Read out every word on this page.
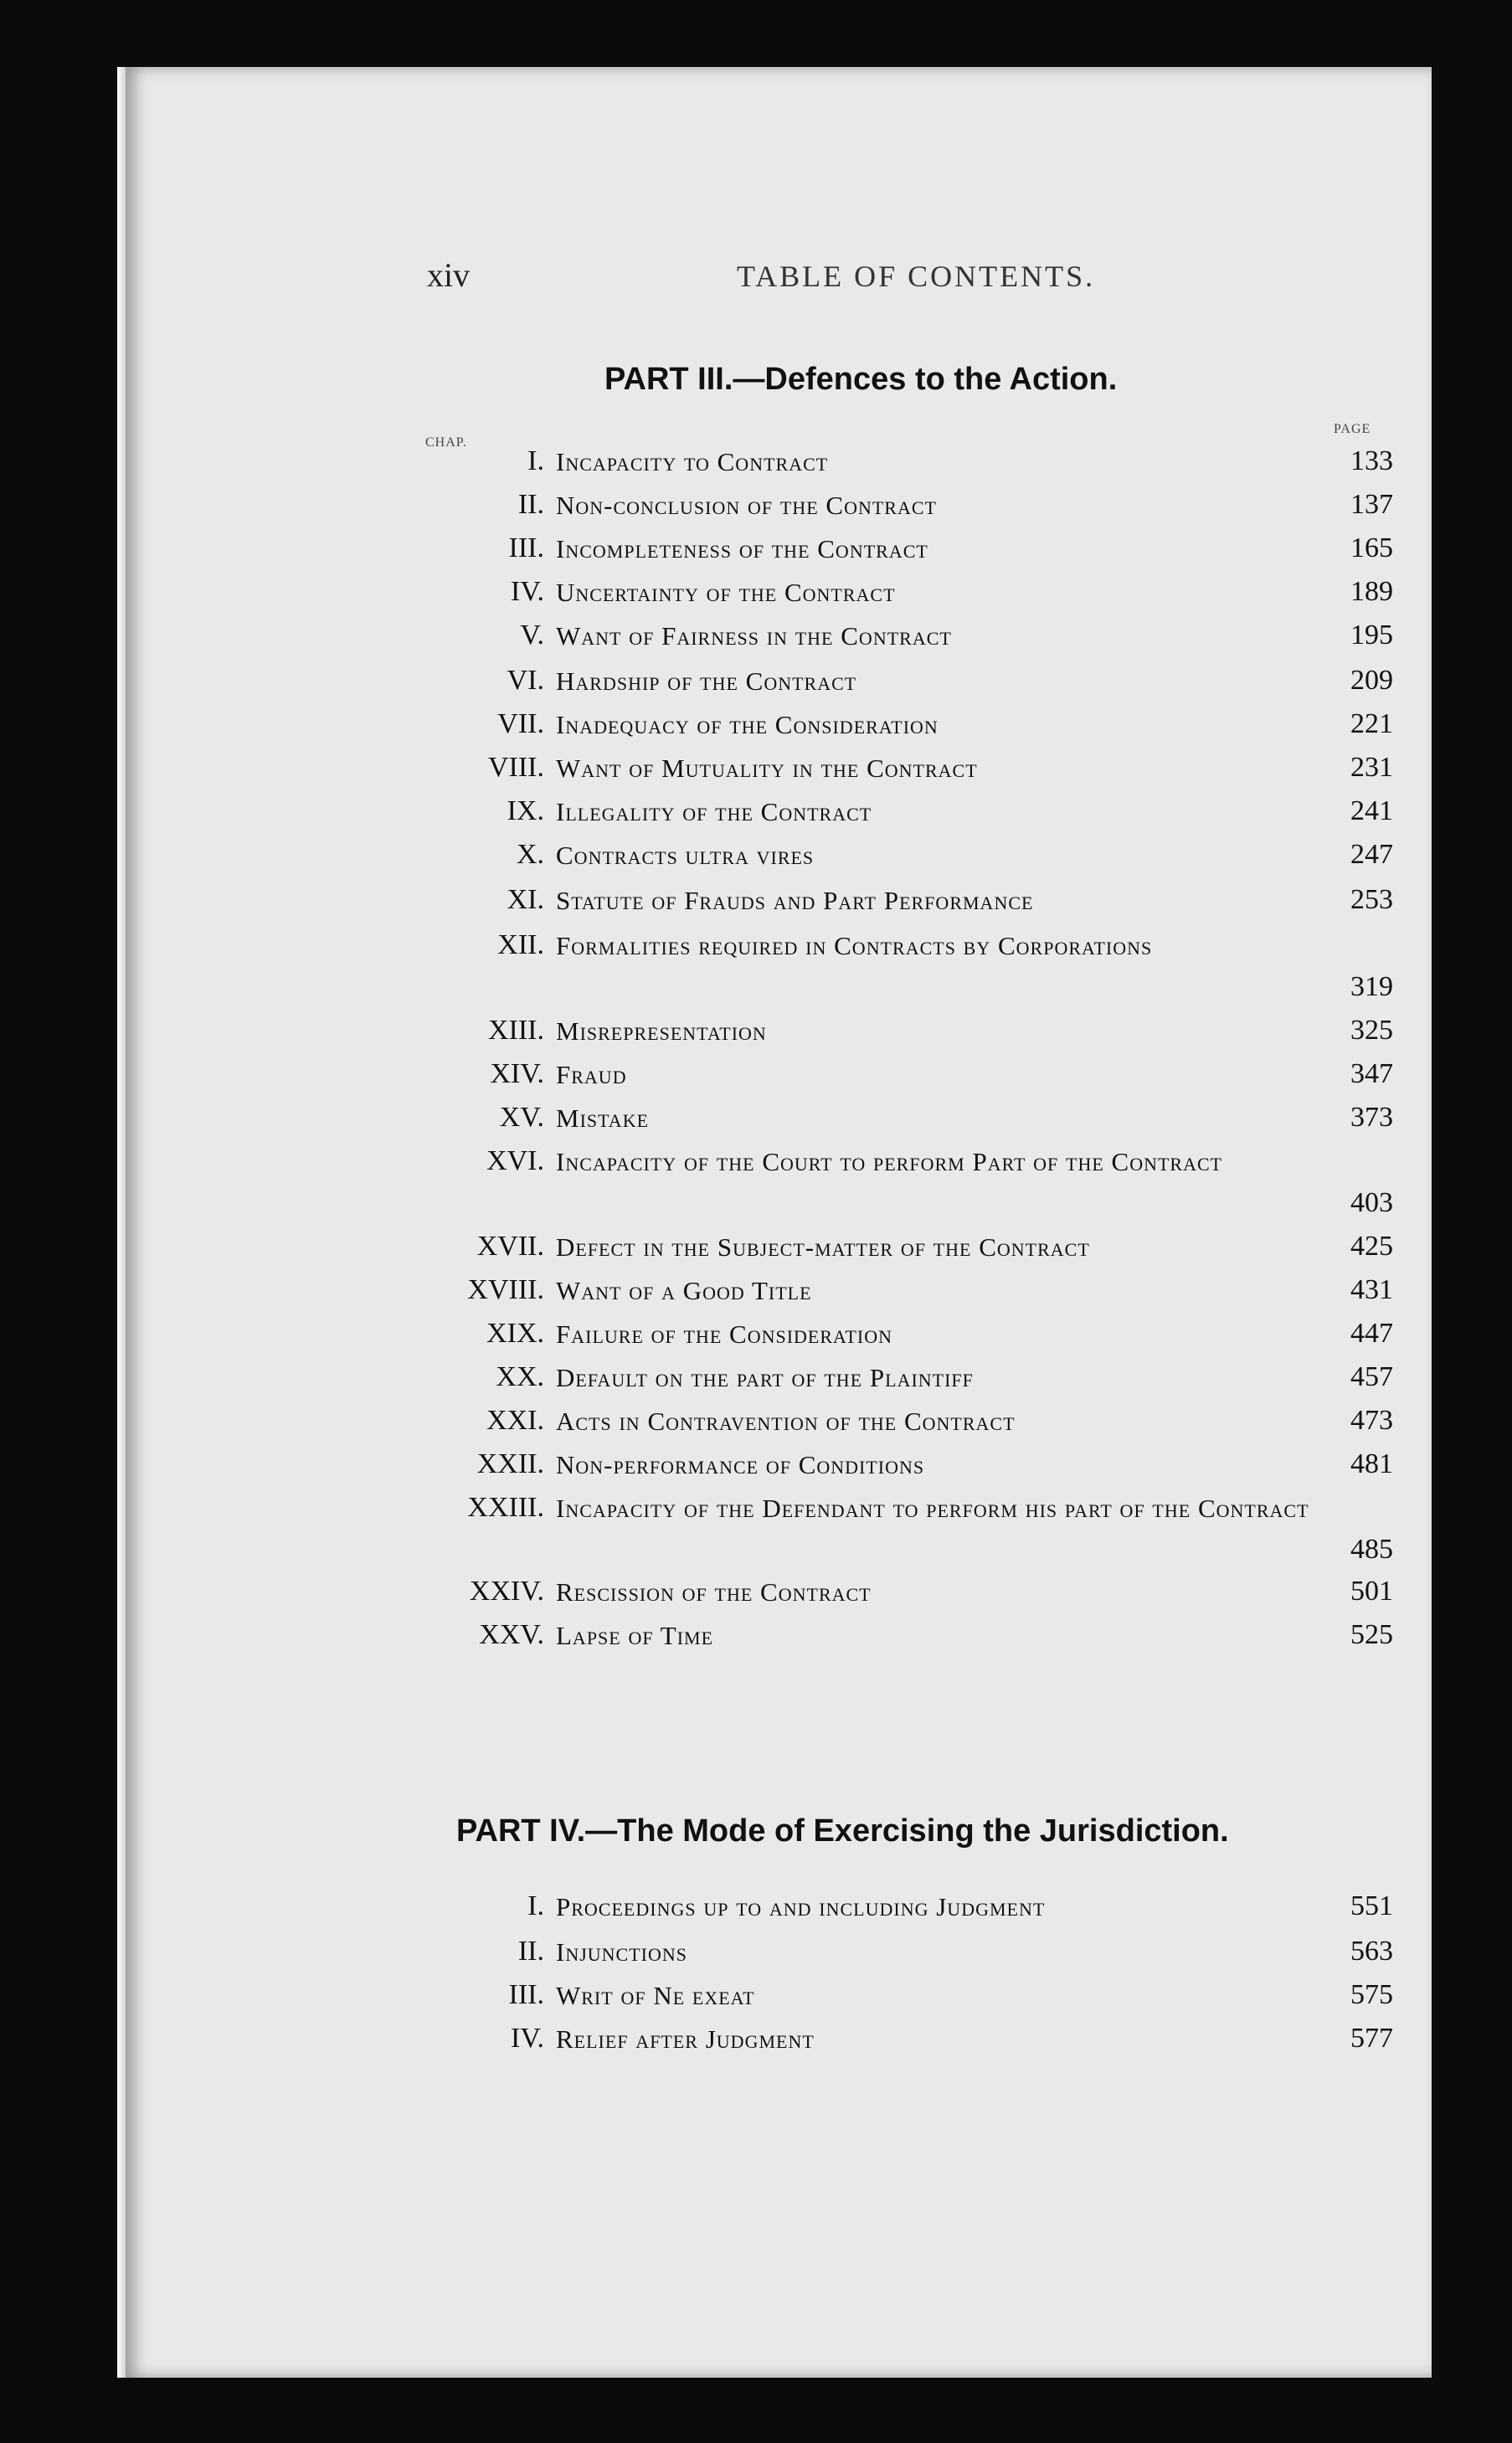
xiv	TABLE OF CONTENTS.
PART III.—Defences to the Action.
CHAP.
PAGE
I. Incapacity to Contract	133
II. Non-conclusion of the Contract	137
III. Incompleteness of the Contract	165
IV. Uncertainty of the Contract	189
V. Want of Fairness in the Contract	195
VI. Hardship of the Contract	209
VII. Inadequacy of the Consideration	221
VIII. Want of Mutuality in the Contract	231
IX. Illegality of the Contract	241
X. Contracts ultra vires	247
XI. Statute of Frauds and Part Performance	253
XII. Formalities required in Contracts by Corporations
319
XIII. Misrepresentation	325
XIV. Fraud	347
XV. Mistake	373
XVI. Incapacity of the Court to perform Part of the Contract
403
XVII. Defect in the Subject-matter of the Contract	425
XVIII. Want of a Good Title	431
XIX. Failure of the Consideration	447
XX. Default on the part of the Plaintiff	457
XXI. Acts in Contravention of the Contract	473
XXII. Non-performance of Conditions	481
XXIII. Incapacity of the Defendant to perform his part of the Contract
485
XXIV. Rescission of the Contract	501
XXV. Lapse of Time	525
PART IV.—The Mode of Exercising the Jurisdiction.
I. Proceedings up to and including Judgment	551
II. Injunctions	563
III. Writ of Ne exeat	575
IV. Relief after Judgment	577
